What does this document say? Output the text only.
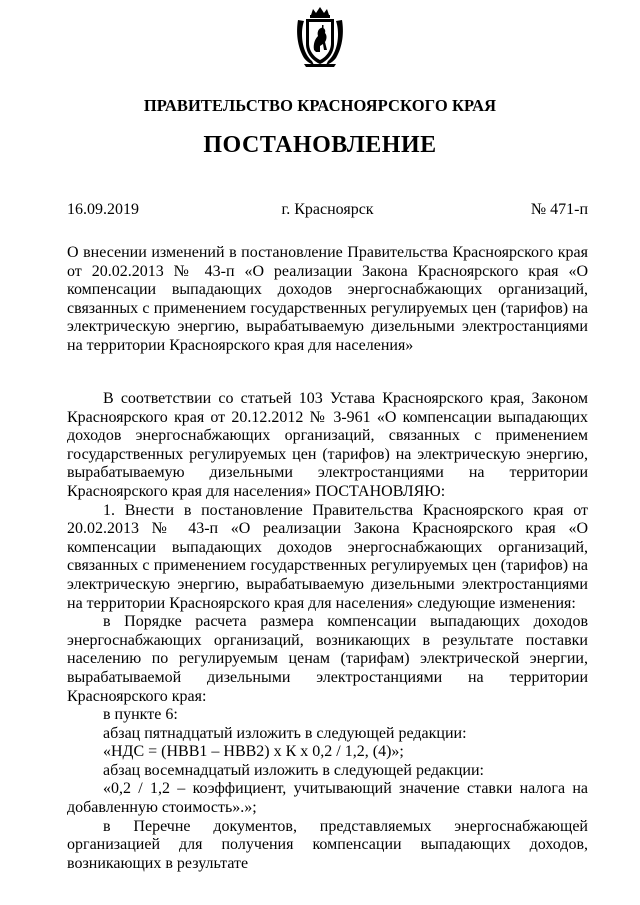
ПРАВИТЕЛЬСТВО КРАСНОЯРСКОГО КРАЯ
ПОСТАНОВЛЕНИЕ
16.09.2019	г. Красноярск	№ 471-п
О внесении изменений в постановление Правительства Красноярского края от 20.02.2013 № 43-п «О реализации Закона Красноярского края «О компенсации выпадающих доходов энергоснабжающих организаций, связанных с применением государственных регулируемых цен (тарифов) на электрическую энергию, вырабатываемую дизельными электростанциями на территории Красноярского края для населения»

В соответствии со статьей 103 Устава Красноярского края, Законом Красноярского края от 20.12.2012 № 3-961 «О компенсации выпадающих доходов энергоснабжающих организаций, связанных с применением государственных регулируемых цен (тарифов) на электрическую энергию, вырабатываемую дизельными электростанциями на территории Красноярского края для населения» ПОСТАНОВЛЯЮ:

1. Внести в постановление Правительства Красноярского края от 20.02.2013 № 43-п «О реализации Закона Красноярского края «О компенсации выпадающих доходов энергоснабжающих организаций, связанных с применением государственных регулируемых цен (тарифов) на электрическую энергию, вырабатываемую дизельными электростанциями на территории Красноярского края для населения» следующие изменения:

в Порядке расчета размера компенсации выпадающих доходов энергоснабжающих организаций, возникающих в результате поставки населению по регулируемым ценам (тарифам) электрической энергии, вырабатываемой дизельными электростанциями на территории Красноярского края:

в пункте 6:

абзац пятнадцатый изложить в следующей редакции:

«НДС = (НВВ1 – НВВ2) х К х 0,2 / 1,2, (4)»;

абзац восемнадцатый изложить в следующей редакции:

«0,2 / 1,2 – коэффициент, учитывающий значение ставки налога на добавленную стоимость».»;

в Перечне документов, представляемых энергоснабжающей организацией для получения компенсации выпадающих доходов, возникающих в результате
